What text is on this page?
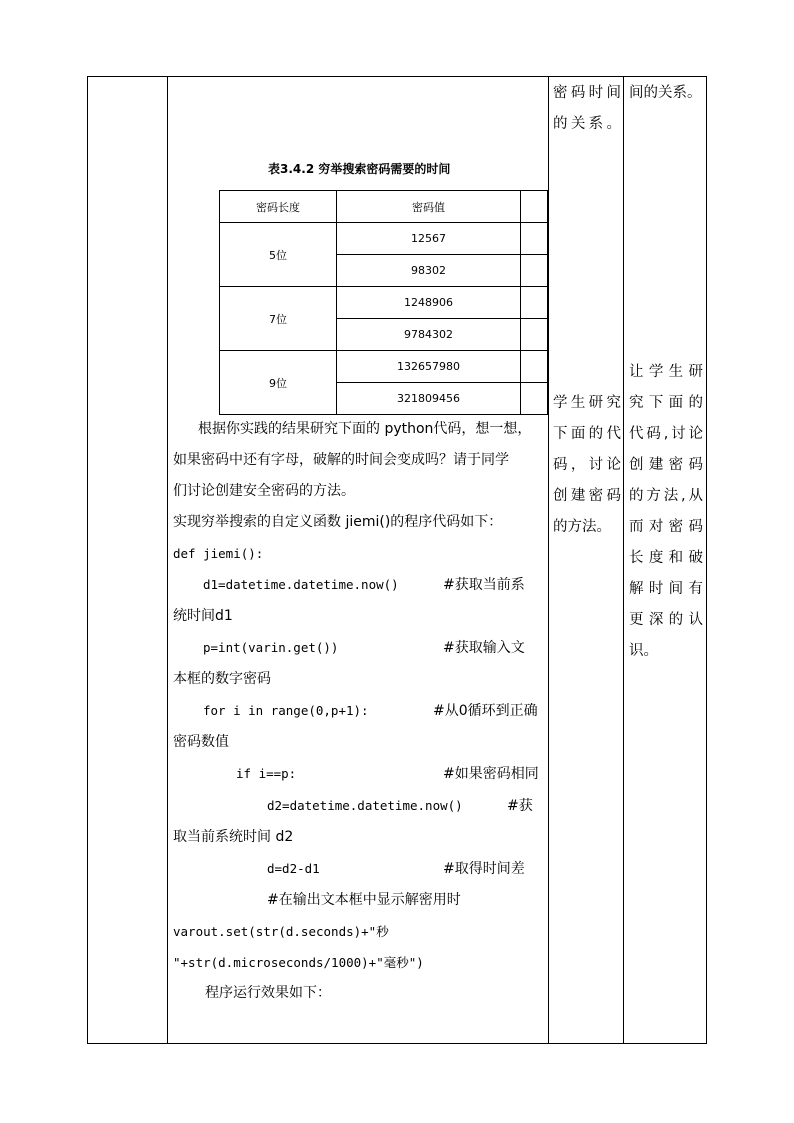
密码时间

的关系。

学生研究

下面的代

码，讨论

创建密码

的方法。

间的关系。

让学生研

究下面的

代码,讨论

创建密码

的方法,从

而对密码

长度和破

解时间有

更深的认

识。

表3.4.2 穷举搜索密码需要的时间
密码长度	密码值	
5位	12567	
	98302	
7位	1248906	
	9784302	
9位	132657980	
	321809456	

根据你实践的结果研究下面的 python代码，想一想，

如果密码中还有字母，破解的时间会变成吗？请于同学

们讨论创建安全密码的方法。

实现穷举搜索的自定义函数 jiemi()的程序代码如下：

def jiemi():

d1=datetime.datetime.now()	#获取当前系

统时间d1

p=int(varin.get())	#获取输入文

本框的数字密码

for i in range(0,p+1):	#从0循环到正确

密码数值

if i==p:	#如果密码相同

d2=datetime.datetime.now()	#获

取当前系统时间 d2

d=d2-d1	#取得时间差

#在输出文本框中显示解密用时

varout.set(str(d.seconds)+"秒

"+str(d.microseconds/1000)+"毫秒")

程序运行效果如下：
